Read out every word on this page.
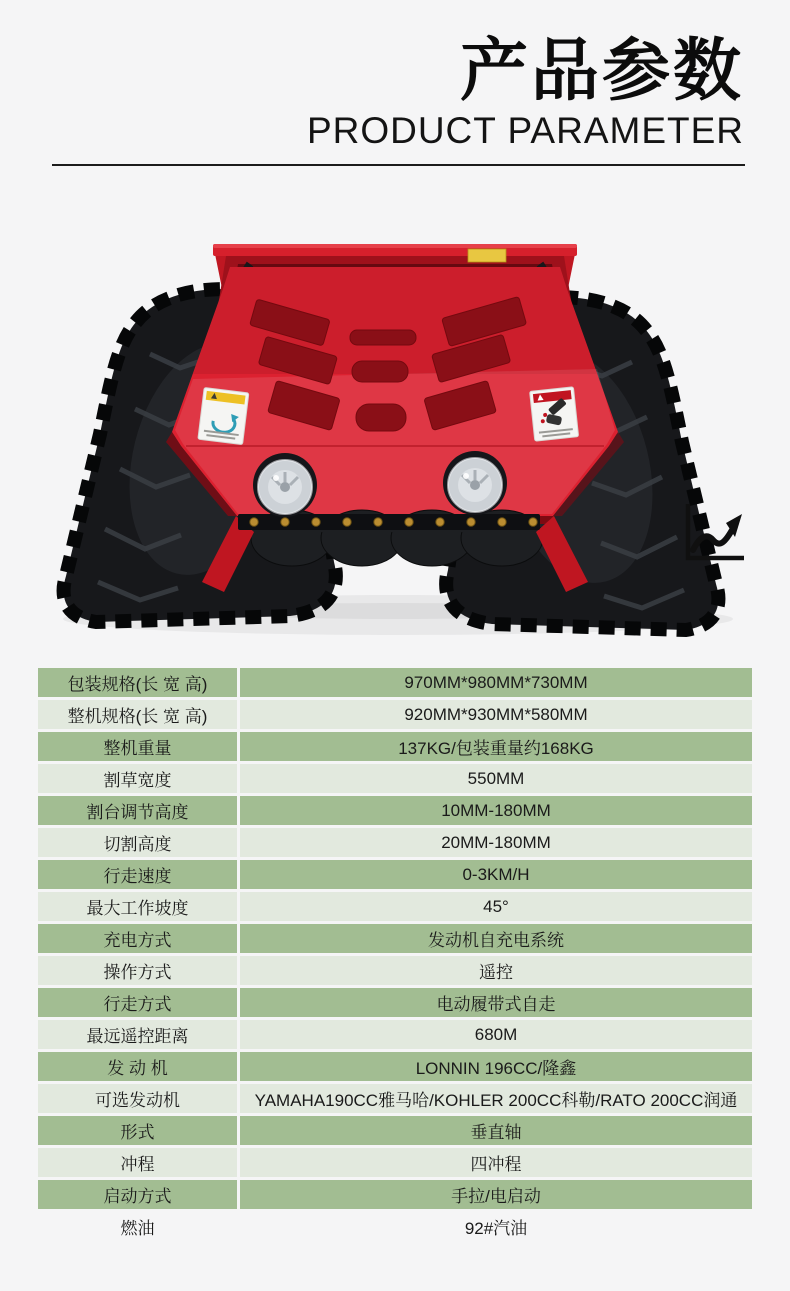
产品参数
PRODUCT PARAMETER
包装规格(长 宽 高)	970MM*980MM*730MM
整机规格(长 宽 高)	920MM*930MM*580MM
整机重量	137KG/包装重量约168KG
割草宽度	550MM
割台调节高度	10MM-180MM
切割高度	20MM-180MM
行走速度	0-3KM/H
最大工作坡度	45°
充电方式	发动机自充电系统
操作方式	遥控
行走方式	电动履带式自走
最远遥控距离	680M
发 动 机	LONNIN 196CC/隆鑫
可选发动机	YAMAHA190CC雅马哈/KOHLER 200CC科勒/RATO 200CC润通
形式	垂直轴
冲程	四冲程
启动方式	手拉/电启动
燃油	92#汽油
